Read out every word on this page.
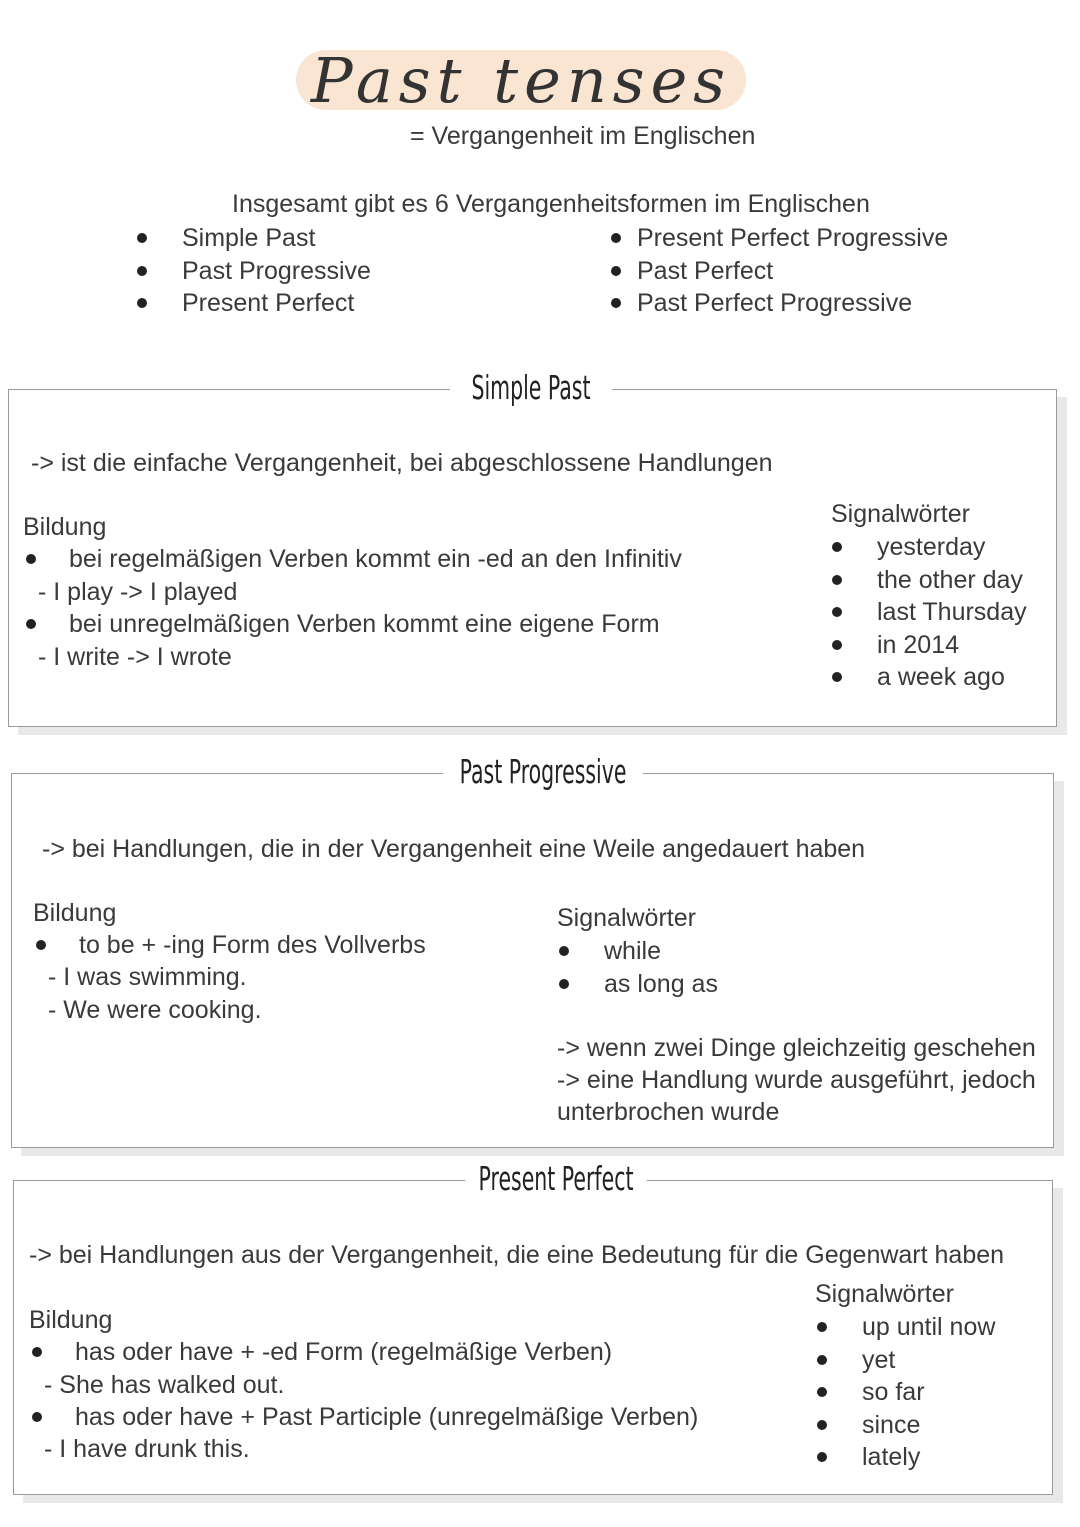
Past tenses
= Vergangenheit im Englischen
Insgesamt gibt es 6 Vergangenheitsformen im Englischen
Simple Past
Past Progressive
Present Perfect
Present Perfect Progressive
Past Perfect
Past Perfect Progressive
Simple Past
-> ist die einfache Vergangenheit, bei abgeschlossene Handlungen
Bildung
bei regelmäßigen Verben kommt ein -ed an den Infinitiv
- I play -> I played
bei unregelmäßigen Verben kommt eine eigene Form
- I write -> I wrote
Signalwörter
yesterday
the other day
last Thursday
in 2014
a week ago
Past Progressive
-> bei Handlungen, die in der Vergangenheit eine Weile angedauert haben
Bildung
to be + -ing Form des Vollverbs
- I was swimming.
- We were cooking.
Signalwörter
while
as long as
-> wenn zwei Dinge gleichzeitig geschehen
-> eine Handlung wurde ausgeführt, jedoch
unterbrochen wurde
Present Perfect
-> bei Handlungen aus der Vergangenheit, die eine Bedeutung für die Gegenwart haben
Bildung
has oder have + -ed Form (regelmäßige Verben)
- She has walked out.
has oder have + Past Participle (unregelmäßige Verben)
- I have drunk this.
Signalwörter
up until now
yet
so far
since
lately
